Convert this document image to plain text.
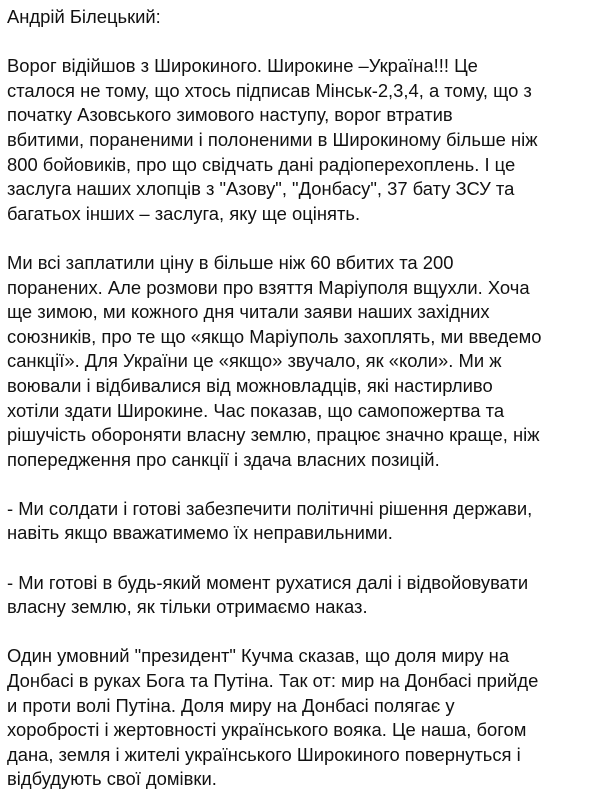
Андрій Білецький:

Ворог відійшов з Широкиного. Широкине –Україна!!! Це
сталося не тому, що хтось підписав Мінськ-2,3,4, а тому, що з
початку Азовського зимового наступу, ворог втратив
вбитими, пораненими і полоненими в Широкиному більше ніж
800 бойовиків, про що свідчать дані радіоперехоплень. І це
заслуга наших хлопців з "Азову", "Донбасу", 37 бату ЗСУ та
багатьох інших – заслуга, яку ще оцінять.

Ми всі заплатили ціну в більше ніж 60 вбитих та 200
поранених. Але розмови про взяття Маріуполя вщухли. Хоча
ще зимою, ми кожного дня читали заяви наших західних
союзників, про те що «якщо Маріуполь захоплять, ми введемо
санкції». Для України це «якщо» звучало, як «коли». Ми ж
воювали і відбивалися від можновладців, які настирливо
хотіли здати Широкине. Час показав, що самопожертва та
рішучість обороняти власну землю, працює значно краще, ніж
попередження про санкції і здача власних позицій.

- Ми солдати і готові забезпечити політичні рішення держави,
навіть якщо вважатимемо їх неправильними.

- Ми готові в будь-який момент рухатися далі і відвойовувати
власну землю, як тільки отримаємо наказ.

Один умовний "президент" Кучма сказав, що доля миру на
Донбасі в руках Бога та Путіна. Так от: мир на Донбасі прийде
и проти волі Путіна. Доля миру на Донбасі полягає у
хоробрості і жертовності українського вояка. Це наша, богом
дана, земля і жителі українського Широкиного повернуться і
відбудують свої домівки.
